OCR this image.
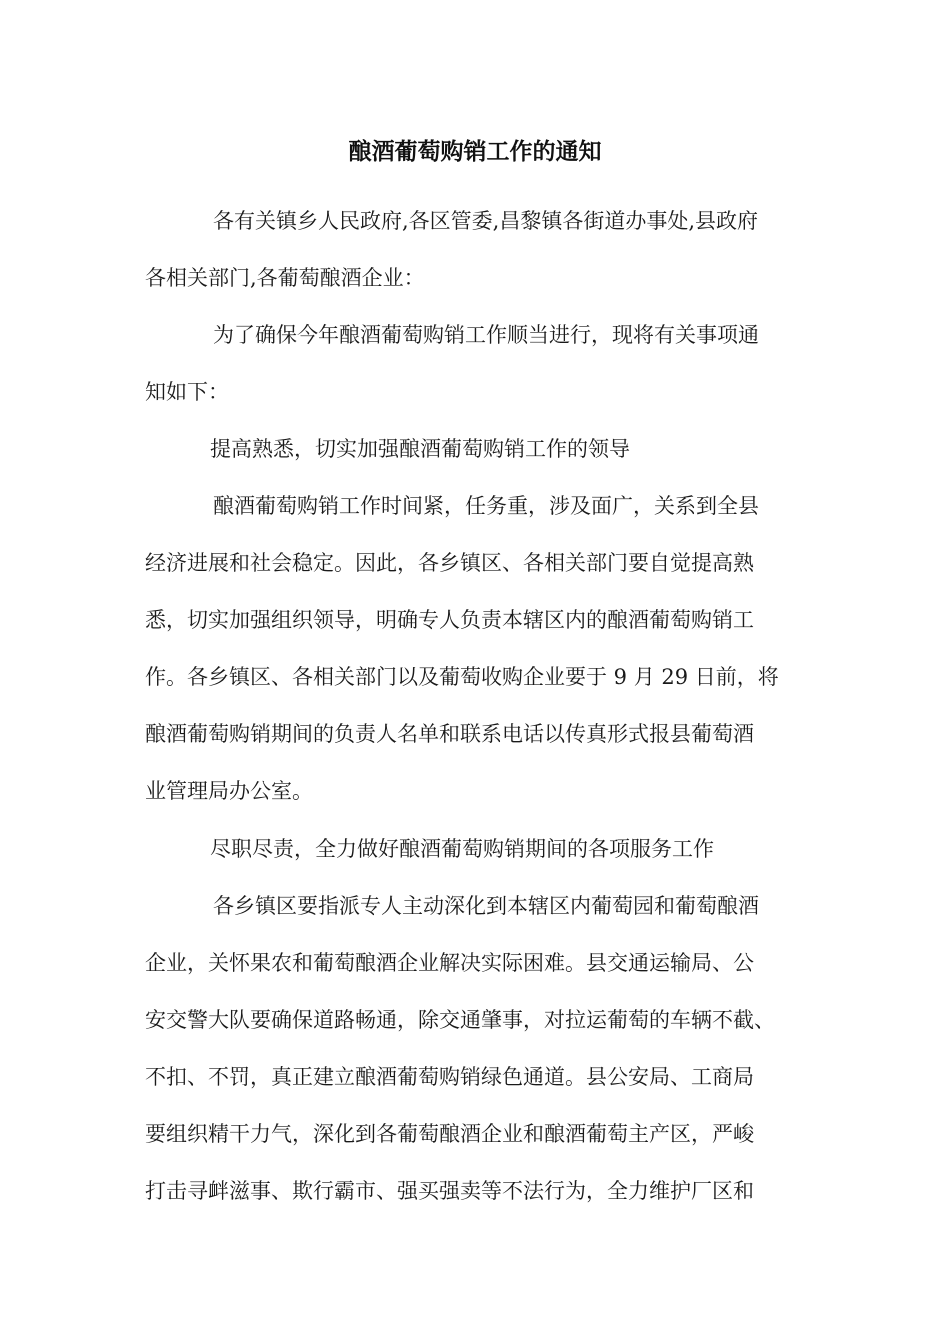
酿酒葡萄购销工作的通知
各有关镇乡人民政府,各区管委,昌黎镇各街道办事处,县政府
各相关部门,各葡萄酿酒企业：
为了确保今年酿酒葡萄购销工作顺当进行，现将有关事项通
知如下：
提高熟悉，切实加强酿酒葡萄购销工作的领导
酿酒葡萄购销工作时间紧，任务重，涉及面广，关系到全县
经济进展和社会稳定。因此，各乡镇区、各相关部门要自觉提高熟
悉，切实加强组织领导，明确专人负责本辖区内的酿酒葡萄购销工
作。各乡镇区、各相关部门以及葡萄收购企业要于 9 月 29 日前，将
酿酒葡萄购销期间的负责人名单和联系电话以传真形式报县葡萄酒
业管理局办公室。
尽职尽责，全力做好酿酒葡萄购销期间的各项服务工作
各乡镇区要指派专人主动深化到本辖区内葡萄园和葡萄酿酒
企业，关怀果农和葡萄酿酒企业解决实际困难。县交通运输局、公
安交警大队要确保道路畅通，除交通肇事，对拉运葡萄的车辆不截、
不扣、不罚，真正建立酿酒葡萄购销绿色通道。县公安局、工商局
要组织精干力气，深化到各葡萄酿酒企业和酿酒葡萄主产区，严峻
打击寻衅滋事、欺行霸市、强买强卖等不法行为，全力维护厂区和
